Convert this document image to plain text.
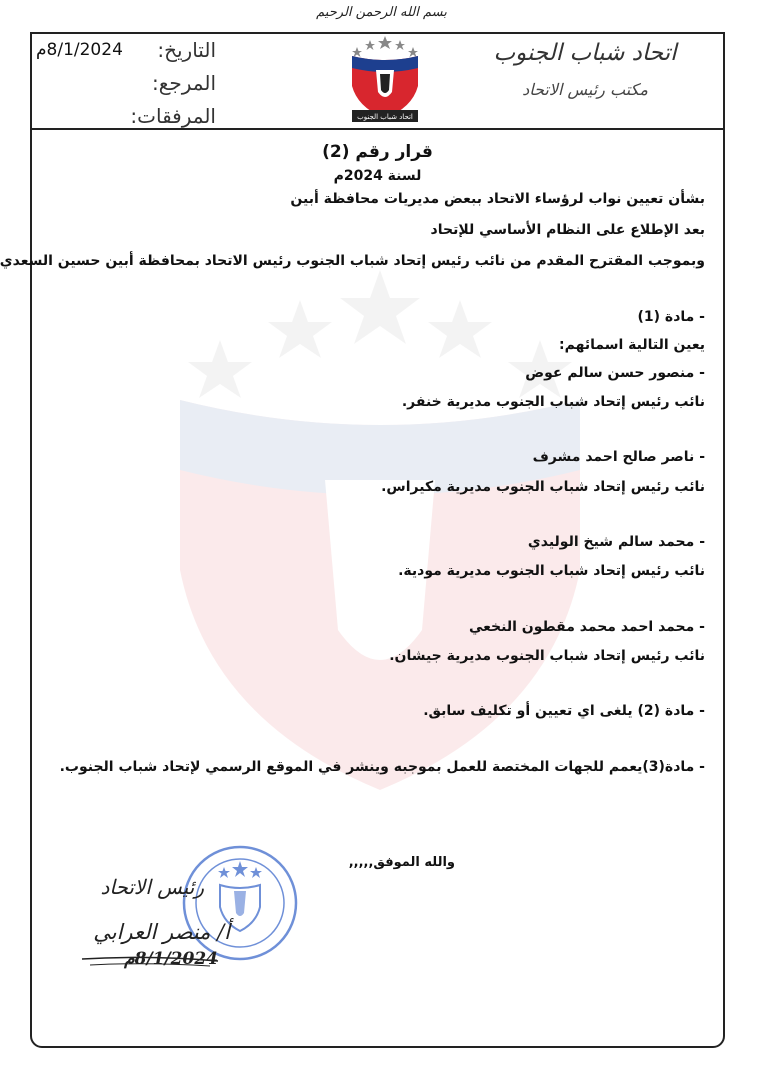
بسم الله الرحمن الرحيم
اتحاد شباب الجنوب
مكتب رئيس الاتحاد
التاريخ:
8/1/2024م
المرجع:
المرفقات:	اتحاد شباب الجنوب
قرار رقم (2)
لسنة 2024م
بشأن تعيين نواب لرؤساء الاتحاد ببعض مديريات محافظة أبين
بعد الإطلاع على النظام الأساسي للإتحاد
وبموجب المقترح المقدم من نائب رئيس إتحاد شباب الجنوب رئيس الاتحاد بمحافظة أبين حسين السعدي
- مادة (1)
يعين التالية اسمائهم:
- منصور حسن سالم عوض
نائب رئيس إتحاد شباب الجنوب مديرية خنفر.
- ناصر صالح احمد مشرف
نائب رئيس إتحاد شباب الجنوب مديرية مكيراس.
- محمد سالم شيخ الوليدي
نائب رئيس إتحاد شباب الجنوب مديرية مودية.
- محمد احمد محمد مقطون النخعي
نائب رئيس إتحاد شباب الجنوب مديرية جيشان.
- مادة (2) يلغى اي تعيين أو تكليف سابق.
- مادة(3)يعمم للجهات المختصة للعمل بموجبه وينشر في الموقع الرسمي لإتحاد شباب الجنوب.
والله الموفق,,,,,
رئيس الاتحاد
أ/ منصر العرابي
8/1/2024م
